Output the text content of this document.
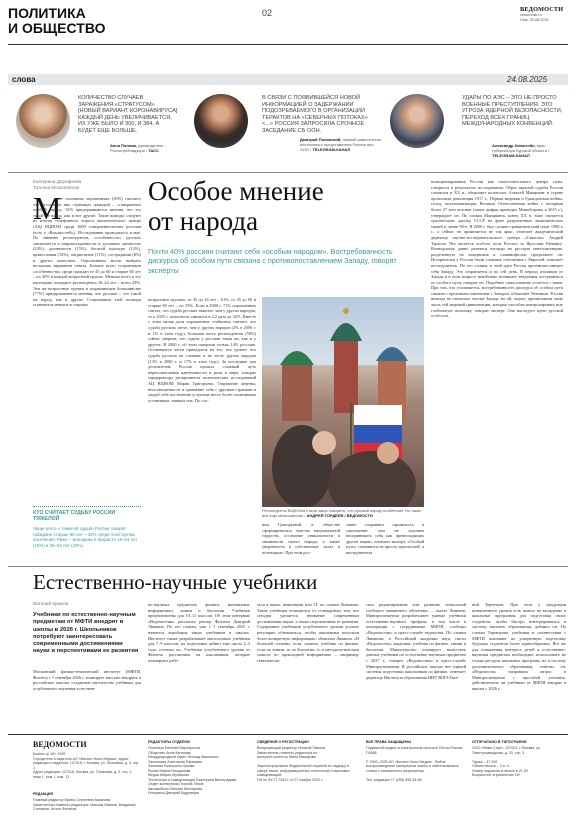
ПОЛИТИКА
И ОБЩЕСТВО
02	ВЕДОМОСТИ
vedomosti.ru
Ном. 25.08.2025
слова	24.08.2025
КОЛИЧЕСТВО СЛУЧАЕВ ЗАРАЖЕНИЯ «СТРАТУСОМ» [НОВЫЙ ВАРИАНТ КОРОНАВИРУСА] КАЖДЫЙ ДЕНЬ УВЕЛИЧИВАЕТСЯ, ИХ УЖЕ БЫЛО И 300, И 384, А БУДЕТ ЕЩЕ БОЛЬШЕ.
Анна Попова, руководитель Роспотребнадзора / ТАСС
В СВЯЗИ С ПОЯВИВШЕЙСЯ НОВОЙ ИНФОРМАЦИЕЙ О ЗАДЕРЖАНИИ ПОДОЗРЕВАЕМОГО В ОРГАНИЗАЦИИ ТЕРАКТОВ НА «СЕВЕРНЫХ ПОТОКАХ» <...> РОССИЯ ЗАПРОСИЛА СРОЧНОЕ ЗАСЕДАНИЕ СБ ООН.
Дмитрий Полянский, первый заместитель постоянного представителя России при ООН / TELEGRAM-КАНАЛ
УДАРЫ ПО АЭС – ЭТО НЕ ПРОСТО ВОЕННЫЕ ПРЕСТУПЛЕНИЯ. ЭТО УГРОЗА ЯДЕРНОЙ БЕЗОПАСНОСТИ, ПЕРЕХОД ВСЕХ ГРАНИЦ МЕЖДУНАРОДНЫХ КОНВЕНЦИЙ.
Александр Хинштейн, врио губернатора Курской области / TELEGRAM-КАНАЛ
Екатерина Дорофеева
Татьяна Мозолевская	Особое мнение
от народа
Почти 40% россиян считают себя «особым народом». Востребованность дискурса об особом пути связана с противопоставлением Западу, говорят эксперты
М
енее половины опрошенных (39%) считают, что русские (в них страницах граждан) – «совершенно особый народ». 61% придерживаются мнения, что это такой же народ, как и все другие. Такие выводы следуют из итогов телефонного опроса аналитического центра (АЦ) ВЦИОМ среди 1600 совершеннолетних россиян (есть у «Ведомостей»). Исследование проводилось в мае. По мнению респондентов, «особенность» русских заключается в широкоохранности и духовных ценностях (23%), душевности (15%), богатой культуре (12%), православии (12%), патриотизме (11%), сострадании (8%) и других качествах. Опрошенным могли выбрать несколько вариантов ответа. Больше всего сторонников «особенности» среди граждан от 45 до 60 и старше 60 лет – по 45% в каждой возрастной группе. Меньше всего в эту категорию попадают респонденты 18–24 лет – всего 23%. Эти же возрастные группы в подавляющем большинстве (77%) придерживаются мнения, что русские – это такой же народ, как и другие. Сторонников этой позиции становится меньше в старших
КТО СЧИТАЕТ СУДЬБУ РОССИИ ТЯЖЕЛОЙ
Чаще всего о тяжелой судьбе России говорят граждане старше 60 лет – 42% среди этой группы населения. Реже – молодежь в возрасте 18–24 лет (15%) и 25–34 лет (23%).
возрастных группах: от 35 до 44 лет – 61%, от 45 до 60 и старше 60 лет – по 55%. Если в 2000 г. 71% опрошенных считал, что судьба русских тяжелее, чем у других народов, то к 2025 г. показатель снизился в 2,2 раза до 32%. Вместе с этим малая доля опрошенных стабильно считает, что судьба русских легче, чем у других народов (2% в 2000 г. и 1% в этом году). Большая часть респондентов (50%) сейчас уверена, что судьба у россиян такая же, как и у других. В 2000 г. об этом говорили только 14% россиян. Остающиеся части приходится на тех, кто думает, что судьба русских не сложнее и не легче других народов (13% в 2000 г. и 17% в этом году). За последние три десятилетия Россия прошла сложный путь переосмысления идентичности и роли в мире, говорит замдиректора департамента политических исследований АЦ ВЦИОМ Мария Григорьева. Ощущение жертвы, неполноценности и сравнение себя с другими странами в ущерб себе постепенно уступили место более позитивным установкам, заявила она. По сло-
Респонденты ВЦИОМа стали чаще говорить, что русский народ особенный. Но таких все еще меньшинство / АНДРЕЙ ГОРДЕЕВ / ВЕДОМОСТИ
нам Григорьевой, в обществе сформировалась чувство национальной гордости, осознание уникальности и значимости своего народа, а также уверенность в собственных силах и потенциале. При этом рос-
сияне сохраняют скромность в самооценке: они не склонны воспринимать себя как превосходящих другие нацию, отмечает эксперт. «Особый путь» становится не просто идеологией, а инструментом
позиционирования России как самостоятельного центра силы, говорится в результатах исследования. Образ тяжелой судьбы России сложился в XX в., объясняет политолог Алексей Макаркин: в стране произошли революция 1917 г., Первая мировая и Гражданская войны, голод, коллективизация, Великая Отечественная война с потерями более 27 млн человек (такие цифры приводил Минобороны в 2015 г.), утверждает он. По словам Макаркина, конец XX в. тоже считается трагическим: распад СССР на фоне разрушенных экономических связей и лихие 90-е. В 2000 г. был сложен травматический опыт 1990-х г., а сейчас он проявляется не так ярко, отмечает академический директор научно-исследовательского центра «Смыслы» Андрей Тарасов. Что касается особого пути России, то Ярославу Ранкину-Воеводскому давно разнятся взгляды на русскую интеллигенцию, разделенную на западников и славянофилов, продолжает он. Исторически у России были сложные отношения с Европой, отмечает исследователь. По его словам, в этой идее Россия противопоставляет себя Западу. Это сохраняется и по сей день. В период изоляции от Запада и в этом вопросе неизбежно возникает тенденция отстраниться от особого пути, говорит он. Подобное самосознание остается с нами. При том, что усиливается, востребованность дискурса об особом пути связана с противопоставлением с Западом, объясняет Летников. Россия никогда не считалась частью Запада, но ей, скорее, приписывали свою часть той мировой цивилизации, которая способна контролировать всю глобальную политику, говорит эксперт. Она наследует идею русской особости.
Естественно-научные учебники
Виталий Крюков
Учебники по естественно-научным предметам от МФТИ внедрят в школы в 2026 г. Школьников потребуют заинтересовать современными достижениями науки и перспективами ее развития
Московский физико-технический институт (МФТИ, Физтех) с 1 сентября 2026 г. планирует массово внедрять в российских школах созданные институтом учебники для углубленного изучения естествен-
но-научных предметов: физики, математики, информатики, химии и биологии. Учебники предназначены для 10–11 классов. Об этом интервью «Ведомостям» рассказал ректор Физтеха Дмитрий Ливанов. По его словам, уже с 1 сентября 2025 г. начнется апробация таких учебников в школах. Институт также разрабатывает аналогичные учебники для 7–9 классов, их подготовка займет еще около 2–3 года, уточнил он. Учебники углубленного уровня от Физтеха рассчитаны на школьников, которые планируют ребе-
ться в науке, инженерии или IT, по словам Ливанова. Такие учебники отличаются от стандартных тем, что сегодня уделяется внимание современным достижениям науки, а также перспективам ее развития. Содержание учебников углубленного уровня должно регулярно обновляться, чтобы школьники получали более конкретную информацию, объяснил Ливанов. «В большей степени, если, скажем, учебник по физике, если по химии, то по биологии, то в методологическом смысле по прикладной информатике – например, генетическе-
ское редактирование или развитие технологий глубокого машинного обучения», – сказал Ливанов. Минпросвещения разрабатывает единые учебники естественно-научного профиля, в том числе в кооперации с сотрудниками МФТИ, сообщил «Ведомостям» в пресс-службе ведомства. По словам Ливанова, в Российской академии наук, писал «Ведомостях» академик, учебник по физике, химии и биологии. Министерство планирует выпустить данные учебники по естественно-научным предметам с 2027 г., говорит «Ведомостям» в пресс-службе Минпросвещения. В российских школах нет единой системы подготовки школьников по физике, отмечает директор Института образования НИУ ВШЭ Евге-
ний Терентьев. При этом у продукции повышенного уровня есть шансы на вхождение в школьные программы для подготовки своих студентов, чтобы быстро интегрироваться в систему высшего образования, добавил он. По словам Терентьева, учебники в соответствии с МФТИ повлияют на ускоренную подготовку будущих студентов более единообразных. Все же для повышения интереса детей к естественно-научным предметам необходимо использовать не только ресурсы школьных программ, но и систему дополнительного образования, отметил он. «Ведомости» направили запрос в Минпросвещения с просьбой уточнить, действительно ли учебники от МФТИ внедрят в школы с 2026 г.
ВЕДОМОСТИ
Бизнес-гр 16+ 1999
Учредитель и издатель АО «Бизнес Ньюс Медиа», адрес редакции и издателя: 127018, г. Москва, ул. Полковая, д. 3, стр. 1
Адрес редакции: 127018, Москва, ул. Полковая, д. 3, стр. 1, этаж 1, пом. I, ком. 13
РЕДАКЦИЯ
Главный редактор Ирина Сергеевна Казанова
Заместители главного редактора: Максим Иванов, Владимир Степанов, Антон Филатов
РЕДАКТОРЫ ОТДЕЛОВ
Политика Евгений Мартиросов
Общество Анна Каганова
Международный отдел Леонид Николенко
Экономика Анастасия Ефимова
Финансы Екатерина Лукова
Рынки Мария Нежданова
Медиа Мария Мулюкова
Технологии и коммуникации Екатерина Виноградова
Отдел экспертизы Георгий Ляхов
Автомобили Евгения Белоярова
Интервью Дмитрий Кудрявцев
СВЕДЕНИЯ О РЕГИСТРАЦИИ
Выпускающий редактор Игнатий Павлов
Заместитель главного редактора по
интернет-контенту Мила Макарова

Зарегистрирована Федеральной службой по надзору в сфере связи, информационных технологий и массовых коммуникаций.
ПИ № ФС77-78417 от 27 ноября 2020 г.
ВСЕ ПРАВА ЗАЩИЩЕНЫ
Подписной индекс в электронном каталоге Почты России: П4586

© 2000–2025 АО «Бизнес Ньюс Медиа». Любое воспроизведение материалов газеты и сайта возможно только с письменного разрешения.

Тел. редакции +7 (495) 956-34-58
ОТПЕЧАТАНО В ТИПОГРАФИИ
ООО «Вива-Стар», 107023, г. Москва, ул. Электрозаводская, д. 20, стр. 3

Тираж – 47 000
Объем печати – 3 п. л.
Номер подписан в печать в 21.00
Возрастное ограничение 18+
